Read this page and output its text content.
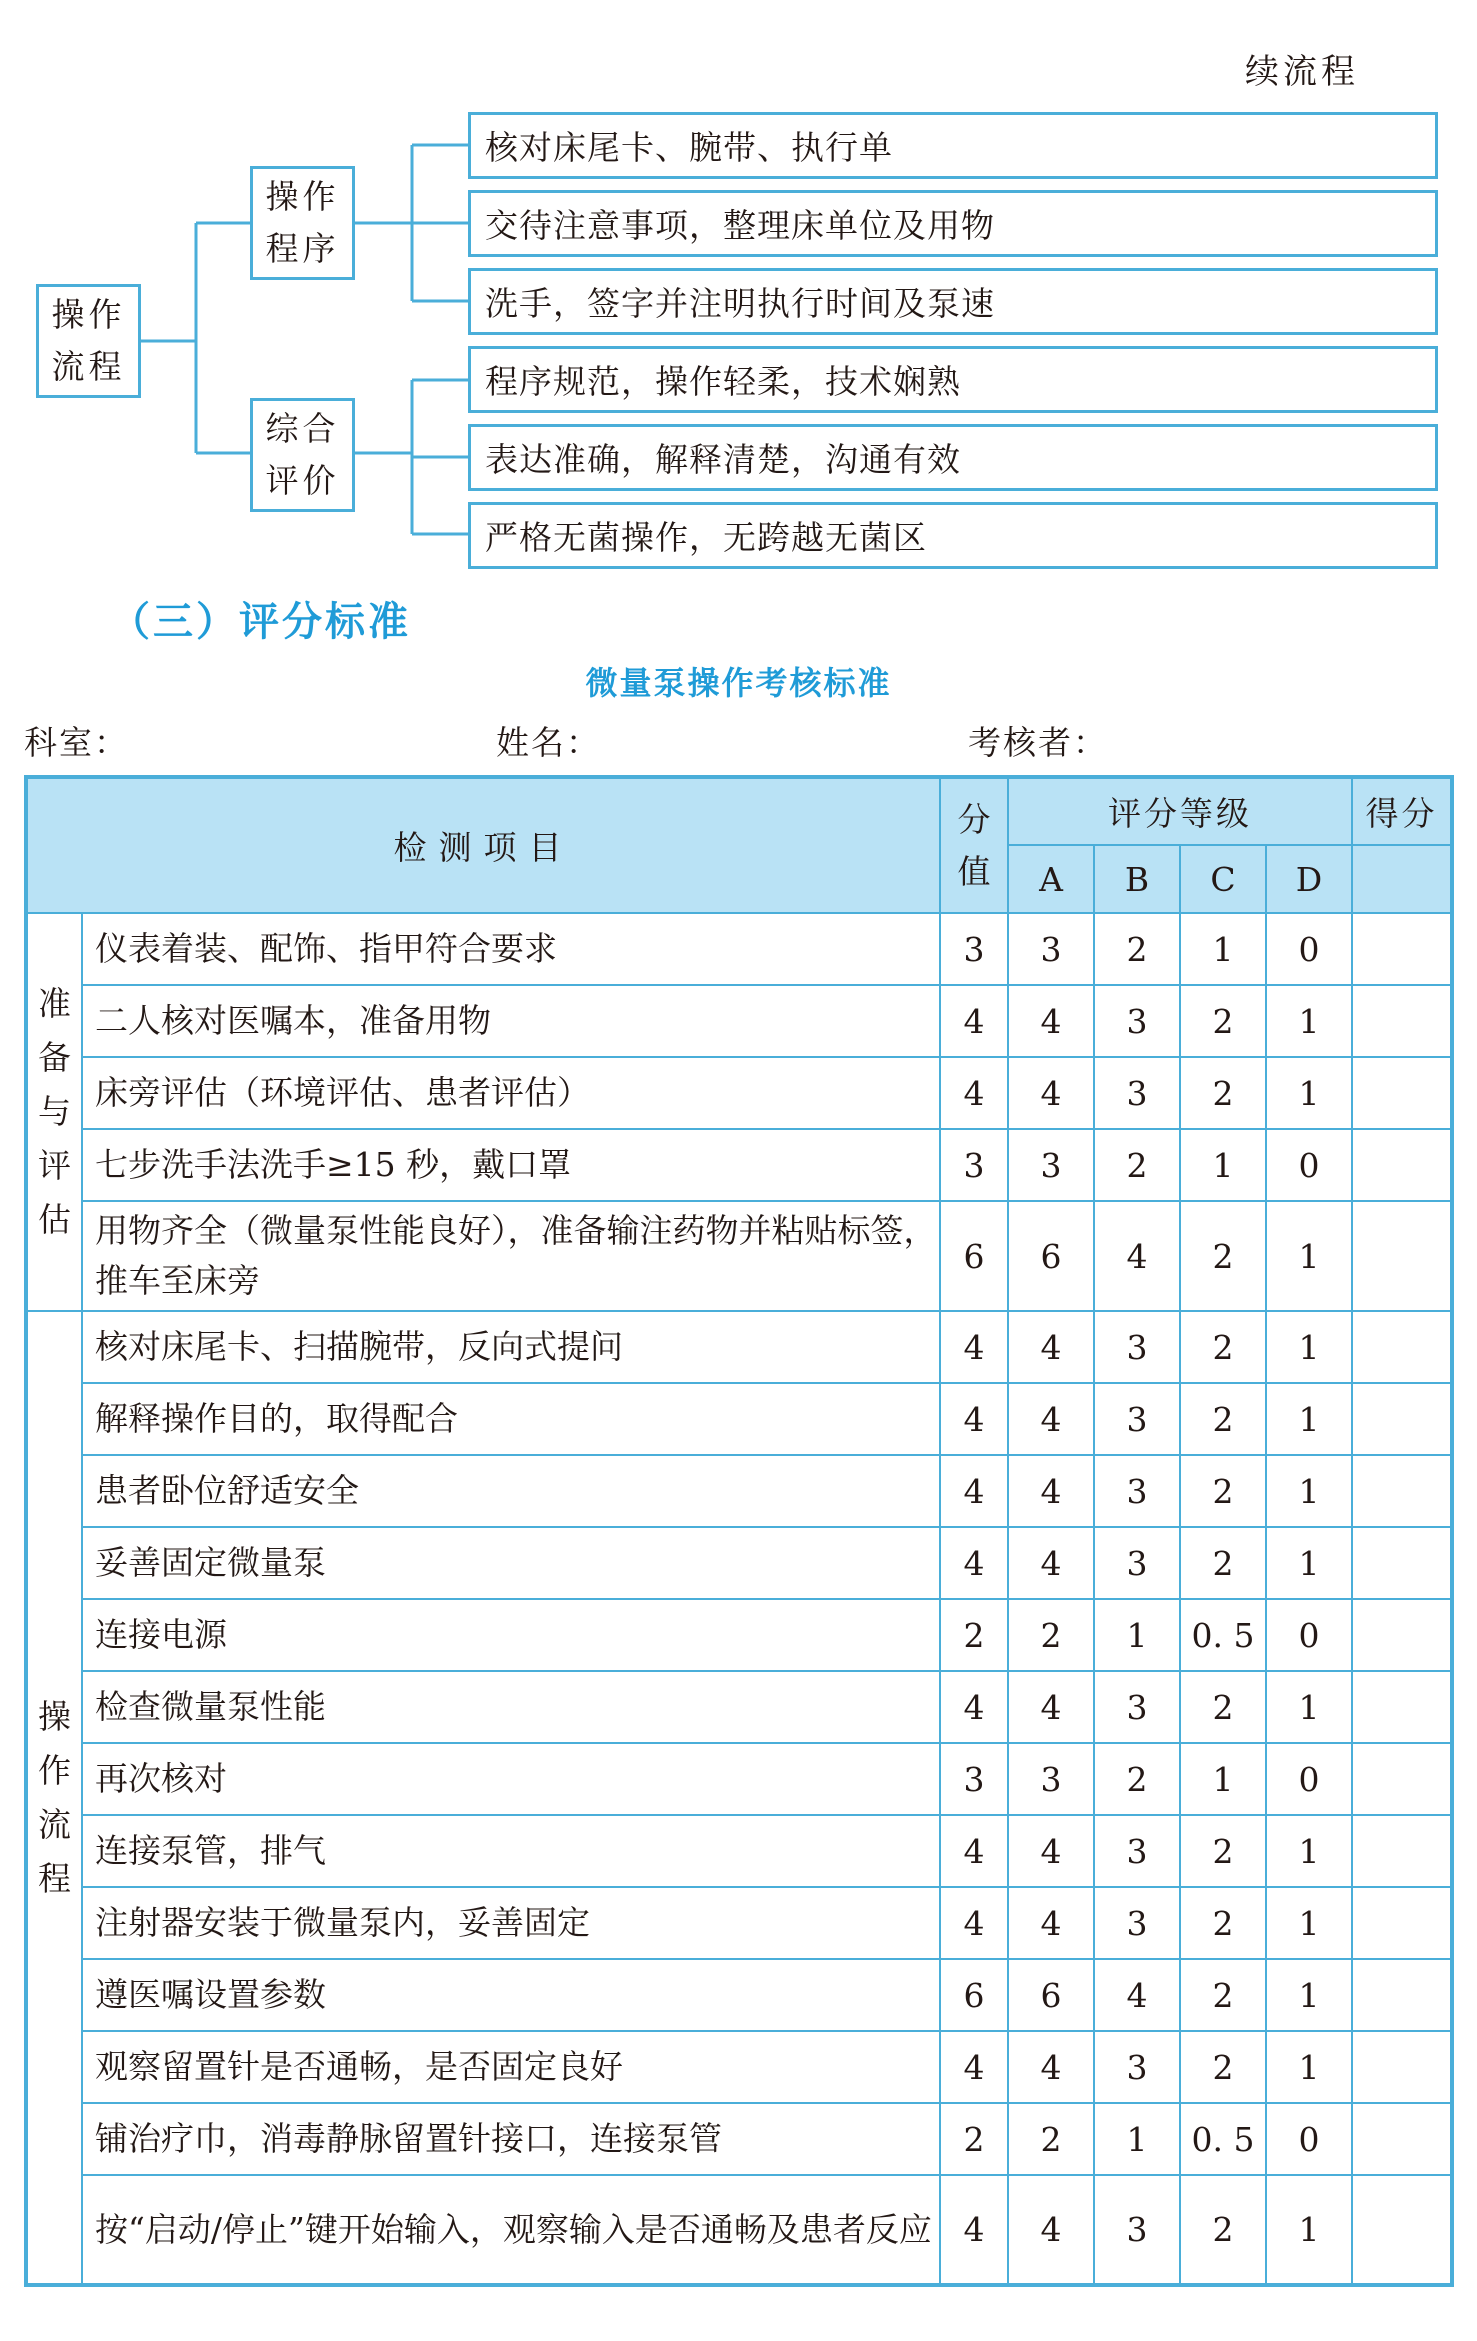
续流程
操作
流程
操作
程序
综合
评价
核对床尾卡、腕带、执行单
交待注意事项，整理床单位及用物
洗手，签字并注明执行时间及泵速
程序规范，操作轻柔，技术娴熟
表达准确，解释清楚，沟通有效
严格无菌操作，无跨越无菌区
（三）评分标准
微量泵操作考核标准
科室：	姓名：	考核者：
检测项目		分
值	评分等级				得分
			A	B	C	D	

准
备
与
评
估	仪表着装、配饰、指甲符合要求	3	3	2	1	0	
	二人核对医嘱本，准备用物	4	4	3	2	1	
	床旁评估（环境评估、患者评估）	4	4	3	2	1	
	七步洗手法洗手≥15 秒，戴口罩	3	3	2	1	0	
	用物齐全（微量泵性能良好），准备输注药物并粘贴标签，推车至床旁	6	6	4	2	1	

操
作
流
程	核对床尾卡、扫描腕带，反向式提问	4	4	3	2	1	
	解释操作目的，取得配合	4	4	3	2	1	
	患者卧位舒适安全	4	4	3	2	1	
	妥善固定微量泵	4	4	3	2	1	
	连接电源	2	2	1	0. 5	0	
	检查微量泵性能	4	4	3	2	1	
	再次核对	3	3	2	1	0	
	连接泵管，排气	4	4	3	2	1	
	注射器安装于微量泵内，妥善固定	4	4	3	2	1	
	遵医嘱设置参数	6	6	4	2	1	
	观察留置针是否通畅，是否固定良好	4	4	3	2	1	
	铺治疗巾，消毒静脉留置针接口，连接泵管	2	2	1	0. 5	0	
	按“启动/停止”键开始输入，观察输入是否通畅及患者反应	4	4	3	2	1	
